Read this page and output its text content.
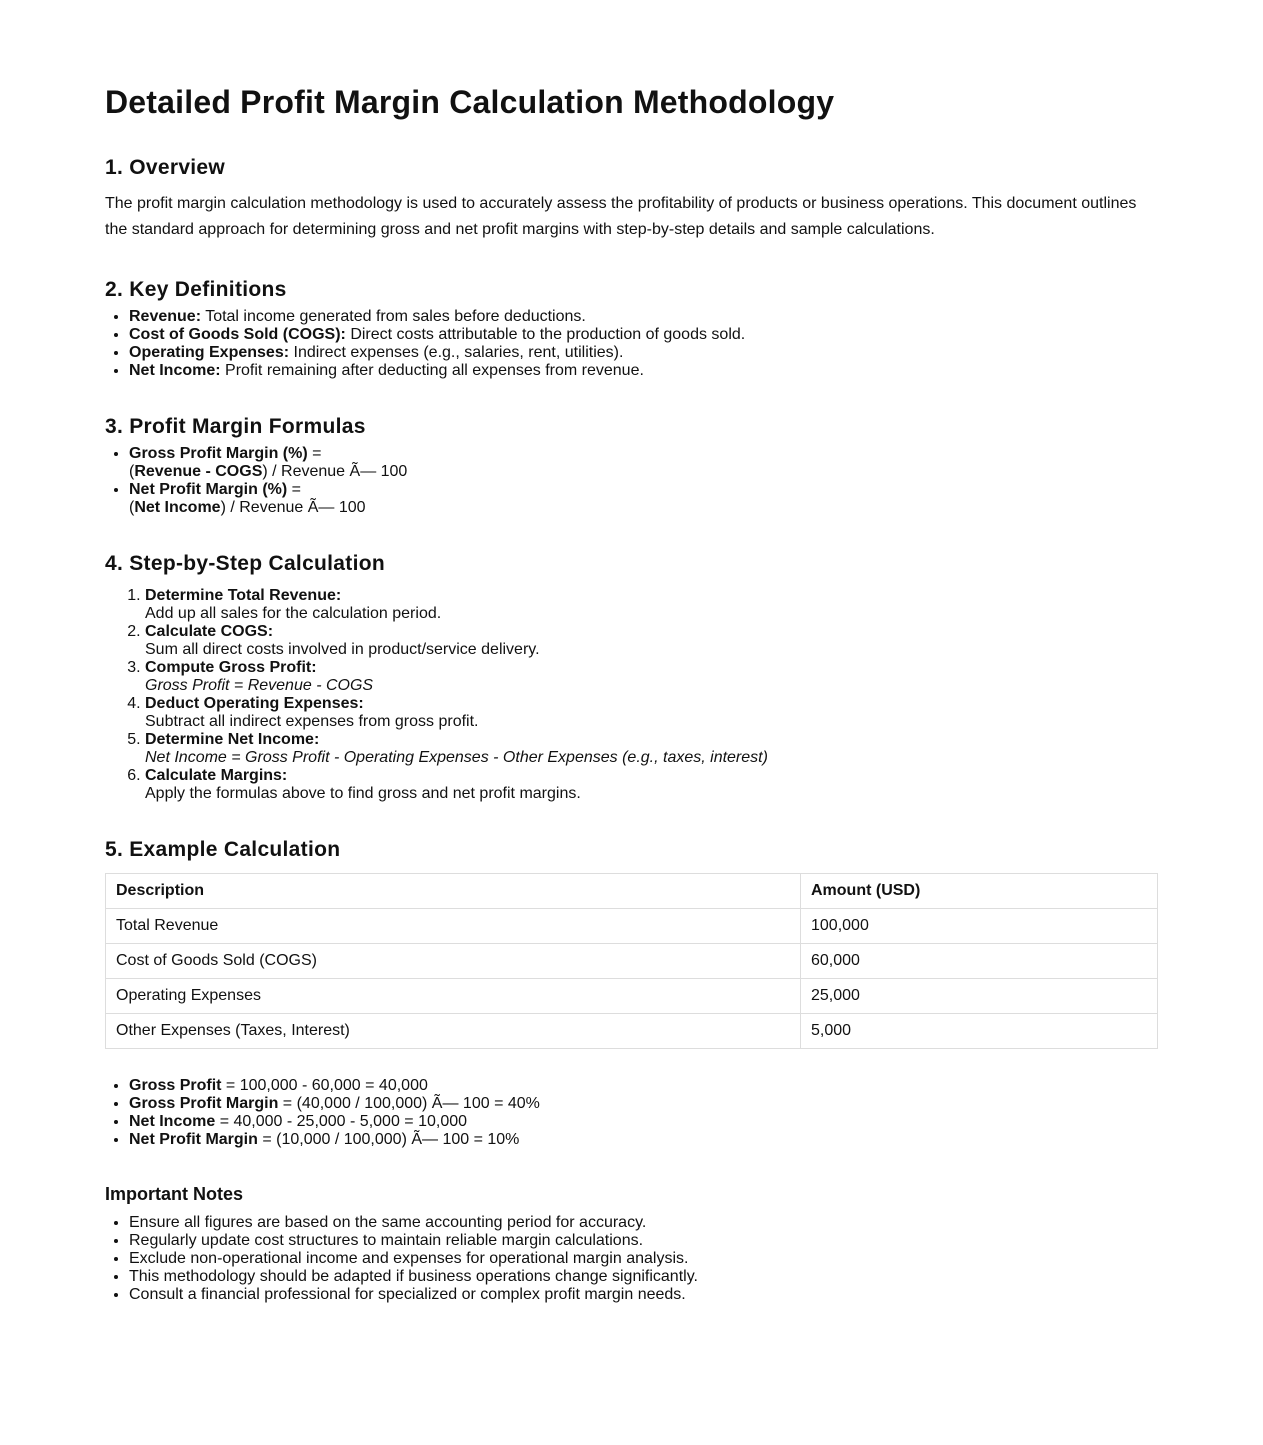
Detailed Profit Margin Calculation Methodology
1. Overview

The profit margin calculation methodology is used to accurately assess the profitability of products or business operations. This document outlines the standard approach for determining gross and net profit margins with step-by-step details and sample calculations.

2. Key Definitions
• Revenue: Total income generated from sales before deductions.
• Cost of Goods Sold (COGS): Direct costs attributable to the production of goods sold.
• Operating Expenses: Indirect expenses (e.g., salaries, rent, utilities).
• Net Income: Profit remaining after deducting all expenses from revenue.
3. Profit Margin Formulas
• Gross Profit Margin (%) =
(Revenue - COGS) / Revenue Ã— 100
• Net Profit Margin (%) =
(Net Income) / Revenue Ã— 100
4. Step-by-Step Calculation
1. Determine Total Revenue:
Add up all sales for the calculation period.
2. Calculate COGS:
Sum all direct costs involved in product/service delivery.
3. Compute Gross Profit:
Gross Profit = Revenue - COGS
4. Deduct Operating Expenses:
Subtract all indirect expenses from gross profit.
5. Determine Net Income:
Net Income = Gross Profit - Operating Expenses - Other Expenses (e.g., taxes, interest)
6. Calculate Margins:
Apply the formulas above to find gross and net profit margins.
5. Example Calculation
Description	Amount (USD)
Total Revenue	100,000
Cost of Goods Sold (COGS)	60,000
Operating Expenses	25,000
Other Expenses (Taxes, Interest)	5,000
• Gross Profit = 100,000 - 60,000 = 40,000
• Gross Profit Margin = (40,000 / 100,000) Ã— 100 = 40%
• Net Income = 40,000 - 25,000 - 5,000 = 10,000
• Net Profit Margin = (10,000 / 100,000) Ã— 100 = 10%
Important Notes
• Ensure all figures are based on the same accounting period for accuracy.
• Regularly update cost structures to maintain reliable margin calculations.
• Exclude non-operational income and expenses for operational margin analysis.
• This methodology should be adapted if business operations change significantly.
• Consult a financial professional for specialized or complex profit margin needs.
